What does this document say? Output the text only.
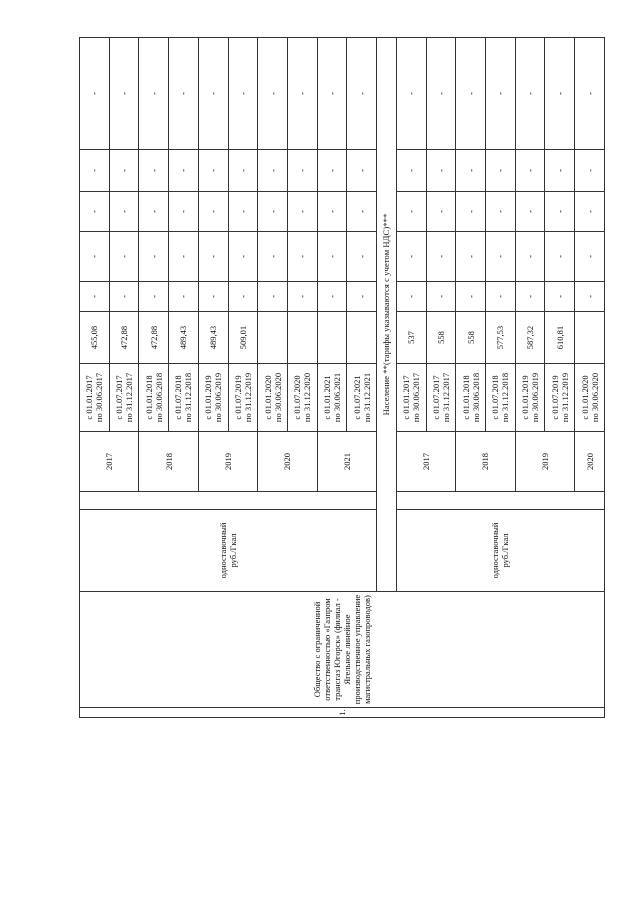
1.	Общество с ограниченной ответственностью «Газпром трансгаз Югорск» (филиал - Ягельное линейное производственное управление магистральных газопроводов)	одноставочный руб./Гкал		2017	с 01.01.2017 по 30.06.2017	455,08	-	-	-	-	-

					с 01.07.2017 по 31.12.2017	472,88	-	-	-	-	-
				2018	с 01.01.2018 по 30.06.2018	472,88	-	-	-	-	-

					с 01.07.2018 по 31.12.2018	489,43	-	-	-	-	-
				2019	с 01.01.2019 по 30.06.2019	489,43	-	-	-	-	-

					с 01.07.2019 по 31.12.2019	509,01	-	-	-	-	-
				2020	с 01.01.2020 по 30.06.2020		-	-	-	-	-

					с 01.07.2020 по 31.12.2020		-	-	-	-	-
				2021	с 01.01.2021 по 30.06.2021		-	-	-	-	-

					с 01.07.2021 по 31.12.2021		-	-	-	-	-
		Население **(тарифы указываются с учетом НДС)***									

		одноставочный руб./Гкал		2017	с 01.01.2017 по 30.06.2017	537	-	-	-	-	-

					с 01.07.2017 по 31.12.2017	558	-	-	-	-	-
				2018	с 01.01.2018 по 30.06.2018	558	-	-	-	-	-

					с 01.07.2018 по 31.12.2018	577,53	-	-	-	-	-
				2019	с 01.01.2019 по 30.06.2019	587,32	-	-	-	-	-

					с 01.07.2019 по 31.12.2019	610,81	-	-	-	-	-
				2020	с 01.01.2020 по 30.06.2020		-	-	-	-	-
